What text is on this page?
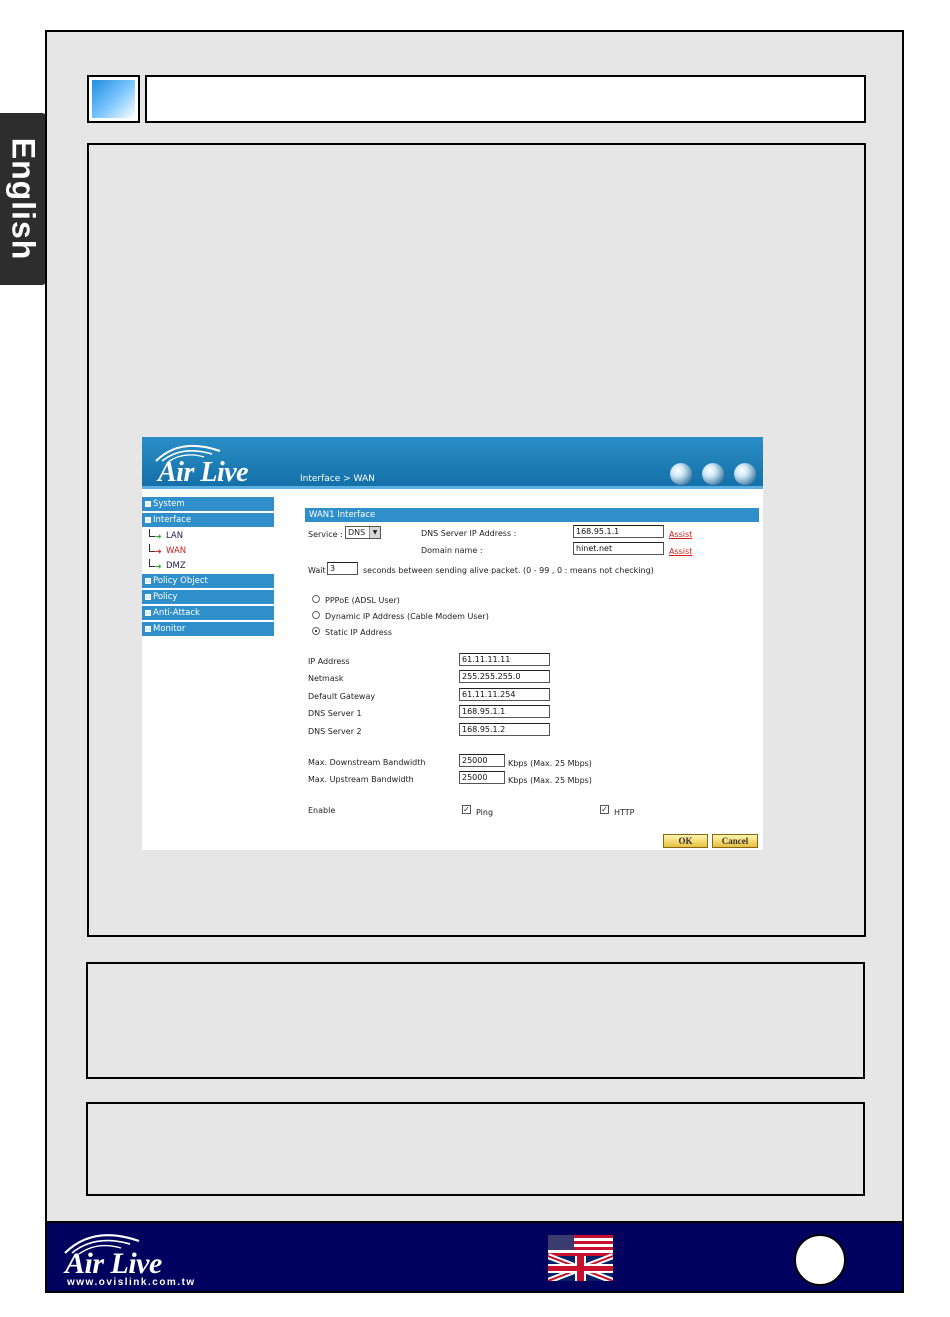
English
Air Live	Interface > WAN
System
Interface
➔ LAN
➔ WAN
➔ DMZ
Policy Object
Policy
Anti-Attack
Monitor
WAN1 Interface
Service : DNS	▼	DNS Server IP Address :	168.95.1.1	Assist
Domain name :	hinet.net	Assist
Wait 3	seconds between sending alive packet. (0 - 99 , 0 : means not checking)
PPPoE (ADSL User)
Dynamic IP Address (Cable Modem User)
Static IP Address
IP Address	61.11.11.11
Netmask	255.255.255.0
Default Gateway	61.11.11.254
DNS Server 1	168.95.1.1
DNS Server 2	168.95.1.2
Max. Downstream Bandwidth	25000	Kbps (Max. 25 Mbps)
Max. Upstream Bandwidth	25000	Kbps (Max. 25 Mbps)
Enable	✓ Ping	✓ HTTP
OK	Cancel
Air Live
www.ovislink.com.tw
